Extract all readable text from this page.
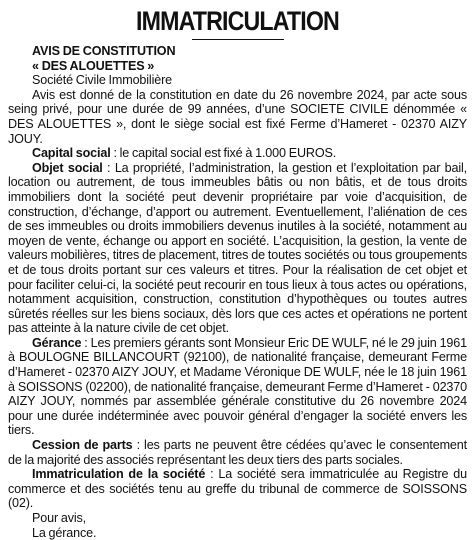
IMMATRICULATION

AVIS DE CONSTITUTION

« DES ALOUETTES »

Société Civile Immobilière

Avis est donné de la constitution en date du 26 novembre 2024, par acte sous seing privé, pour une durée de 99 années, d’une SOCIETE CIVILE dénommée « DES ALOUETTES », dont le siège social est fixé Ferme d’Hameret - 02370 AIZY JOUY.

Capital social : le capital social est fixé à 1.000 EUROS.

Objet social : La propriété, l’administration, la gestion et l’exploitation par bail, location ou autrement, de tous immeubles bâtis ou non bâtis, et de tous droits immobiliers dont la société peut devenir propriétaire par voie d’acquisition, de construction, d’échange, d’apport ou autrement. Eventuellement, l’aliénation de ces de ses immeubles ou droits immobiliers devenus inutiles à la société, notamment au moyen de vente, échange ou apport en société. L’acquisition, la gestion, la vente de valeurs mobilières, titres de placement, titres de toutes sociétés ou tous groupements et de tous droits portant sur ces valeurs et titres. Pour la réalisation de cet objet et pour faciliter celui-ci, la société peut recourir en tous lieux à tous actes ou opérations, notamment acquisition, construction, constitution d’hypothèques ou toutes autres sûretés réelles sur les biens sociaux, dès lors que ces actes et opérations ne portent pas atteinte à la nature civile de cet objet.

Gérance : Les premiers gérants sont Monsieur Eric DE WULF, né le 29 juin 1961 à BOULOGNE BILLANCOURT (92100), de nationalité française, demeurant Ferme d’Hameret - 02370 AIZY JOUY, et Madame Véronique DE WULF, née le 18 juin 1961 à SOISSONS (02200), de nationalité française, demeurant Ferme d’Hameret - 02370 AIZY JOUY, nommés par assemblée générale constitutive du 26 novembre 2024 pour une durée indéterminée avec pouvoir général d’engager la société envers les tiers.

Cession de parts : les parts ne peuvent être cédées qu’avec le consentement de la majorité des associés représentant les deux tiers des parts sociales.

Immatriculation de la société : La société sera immatriculée au Registre du commerce et des sociétés tenu au greffe du tribunal de commerce de SOISSONS (02).

Pour avis,

La gérance.
